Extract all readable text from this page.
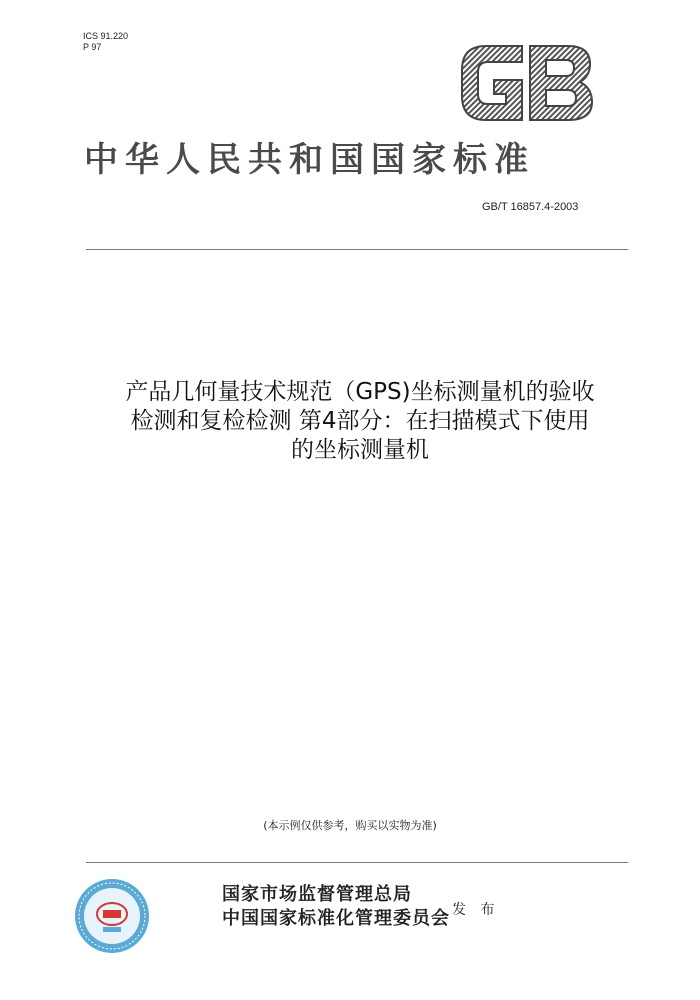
ICS 91.220
P 97
中华人民共和国国家标准
GB/T 16857.4-2003
产品几何量技术规范（GPS)坐标测量机的验收
检测和复检检测 第4部分：在扫描模式下使用
的坐标测量机
(本示例仅供参考，购买以实物为准)
国家市场监督管理总局
中国国家标准化管理委员会 发 布
